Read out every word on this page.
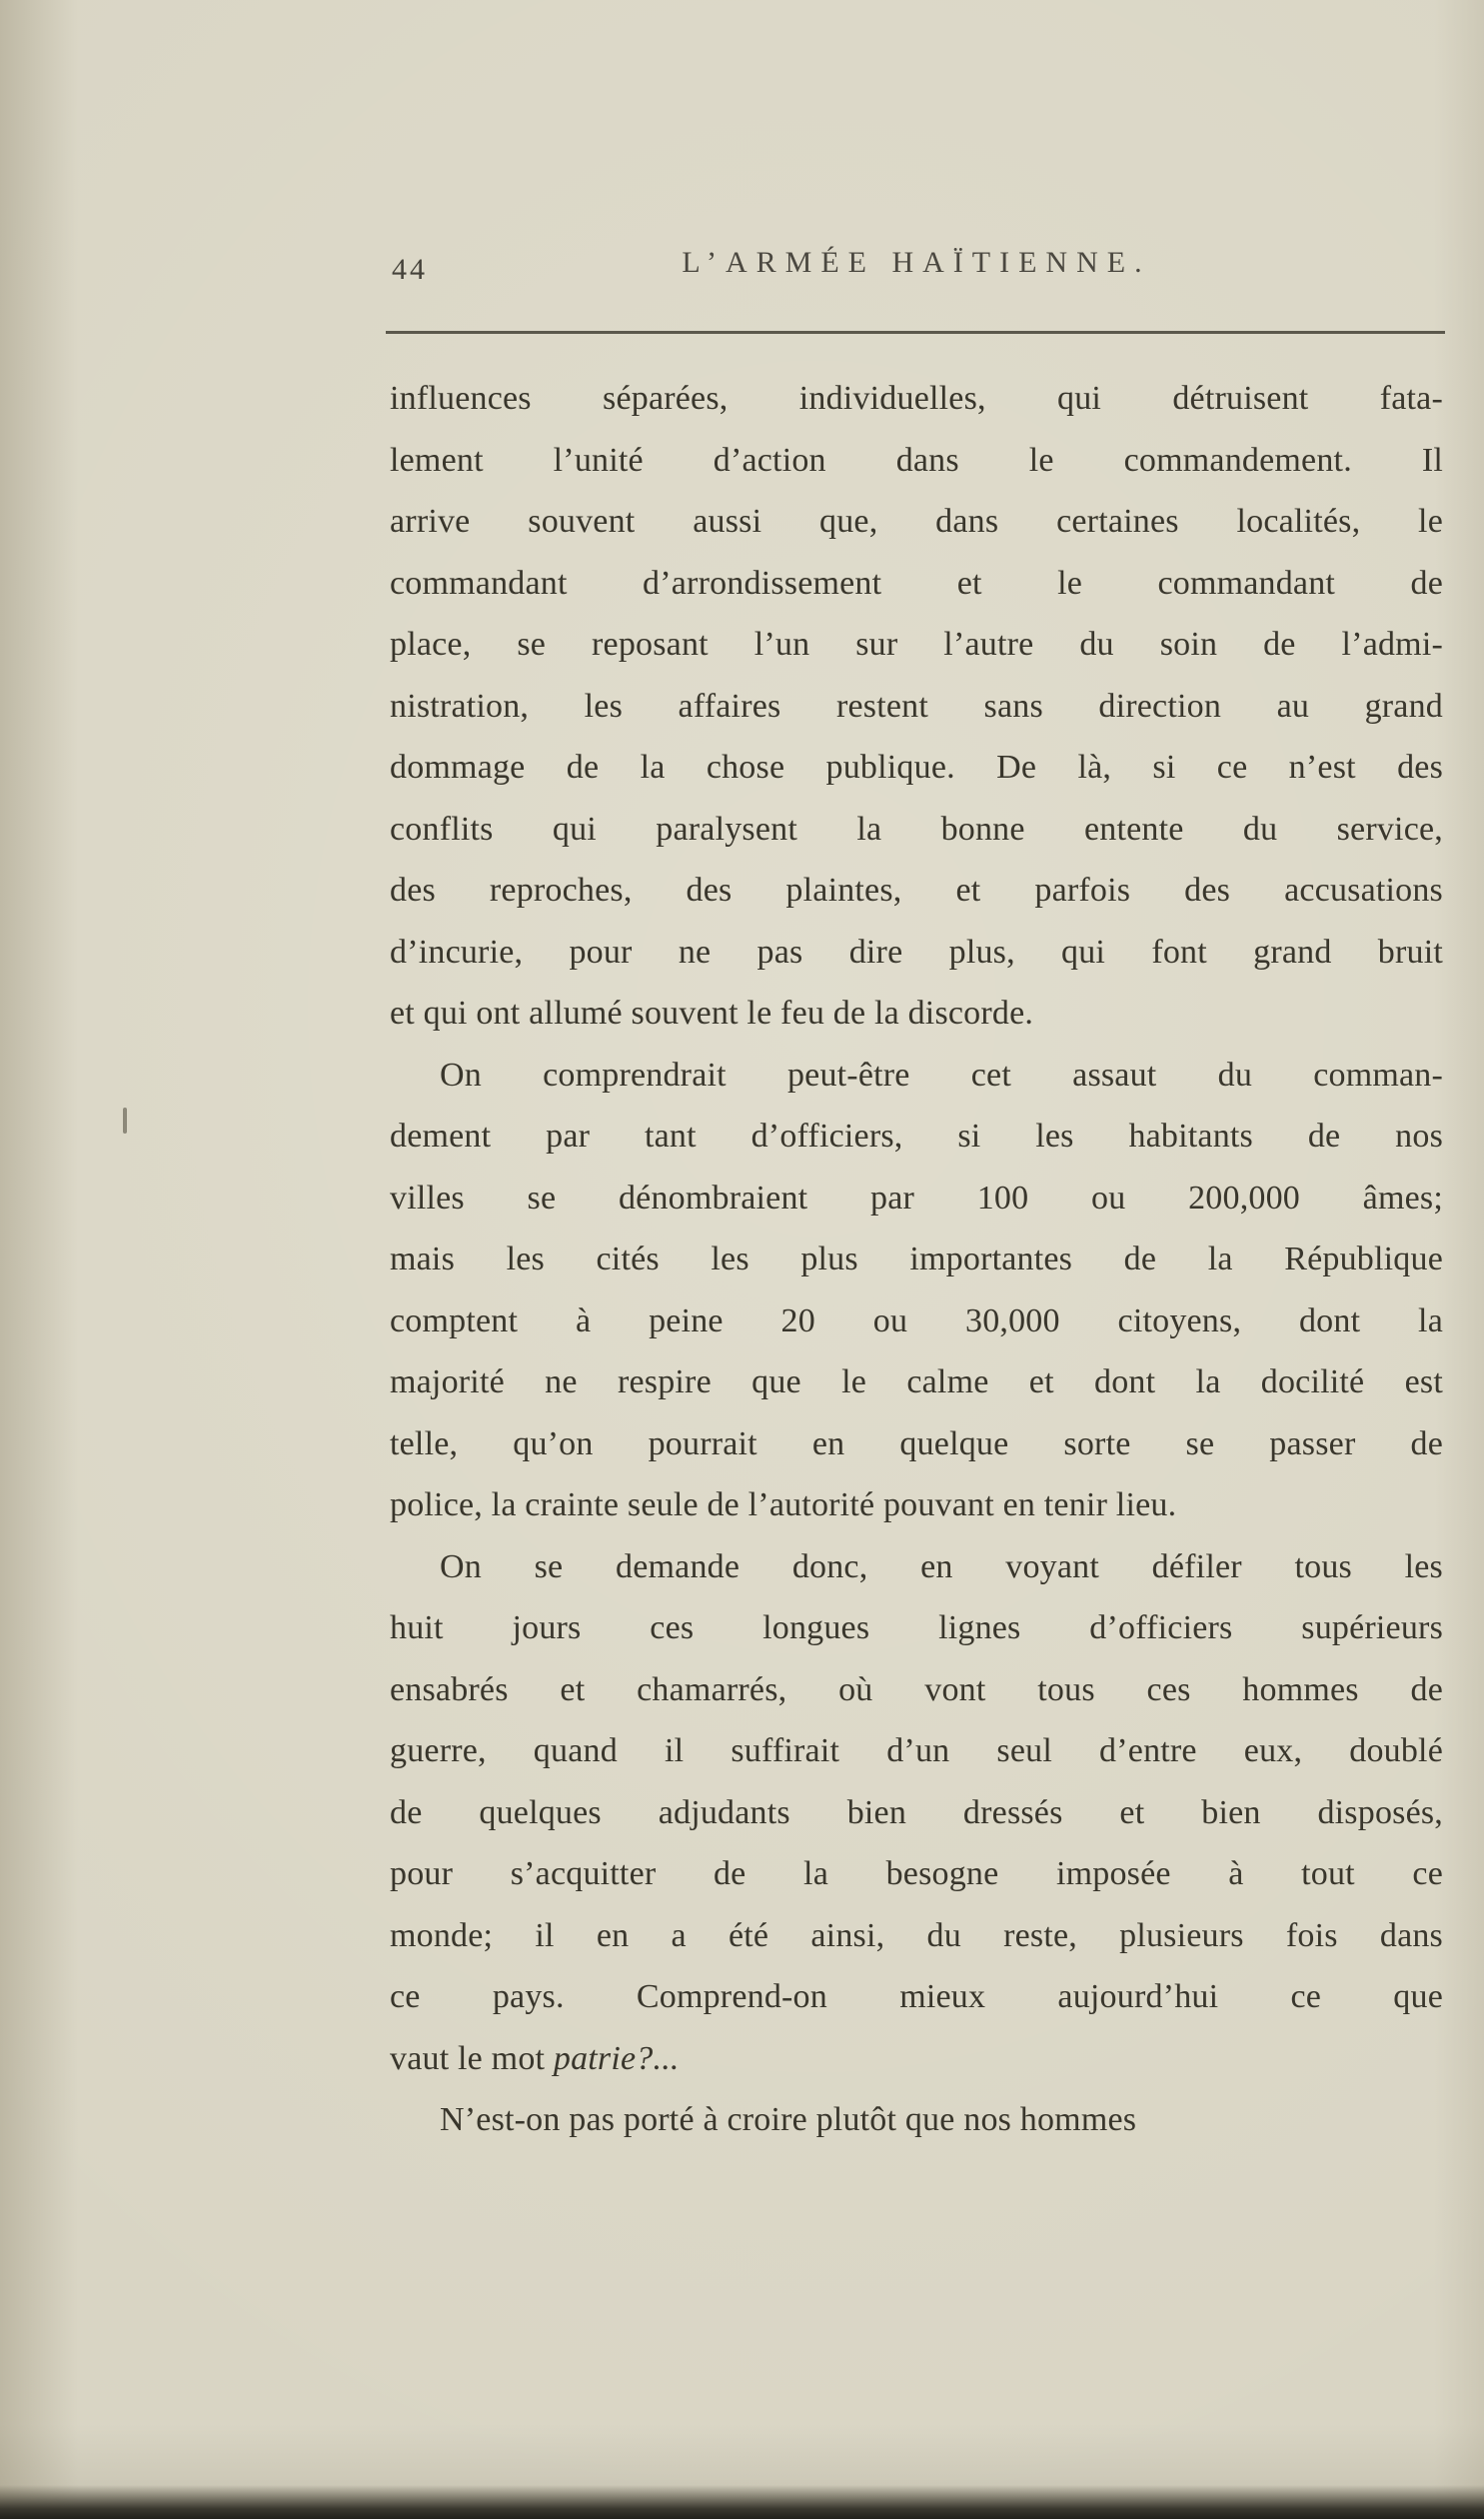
44	L’ARMÉE HAÏTIENNE.
influences séparées, individuelles, qui détruisent fata-
lement l’unité d’action dans le commandement. Il
arrive souvent aussi que, dans certaines localités, le
commandant d’arrondissement et le commandant de
place, se reposant l’un sur l’autre du soin de l’admi-
nistration, les affaires restent sans direction au grand
dommage de la chose publique. De là, si ce n’est des
conflits qui paralysent la bonne entente du service,
des reproches, des plaintes, et parfois des accusations
d’incurie, pour ne pas dire plus, qui font grand bruit
et qui ont allumé souvent le feu de la discorde.
On comprendrait peut-être cet assaut du comman-
dement par tant d’officiers, si les habitants de nos
villes se dénombraient par 100 ou 200,000 âmes;
mais les cités les plus importantes de la République
comptent à peine 20 ou 30,000 citoyens, dont la
majorité ne respire que le calme et dont la docilité est
telle, qu’on pourrait en quelque sorte se passer de
police, la crainte seule de l’autorité pouvant en tenir lieu.
On se demande donc, en voyant défiler tous les
huit jours ces longues lignes d’officiers supérieurs
ensabrés et chamarrés, où vont tous ces hommes de
guerre, quand il suffirait d’un seul d’entre eux, doublé
de quelques adjudants bien dressés et bien disposés,
pour s’acquitter de la besogne imposée à tout ce
monde; il en a été ainsi, du reste, plusieurs fois dans
ce pays. Comprend-on mieux aujourd’hui ce que
vaut le mot patrie?...
N’est-on pas porté à croire plutôt que nos hommes
